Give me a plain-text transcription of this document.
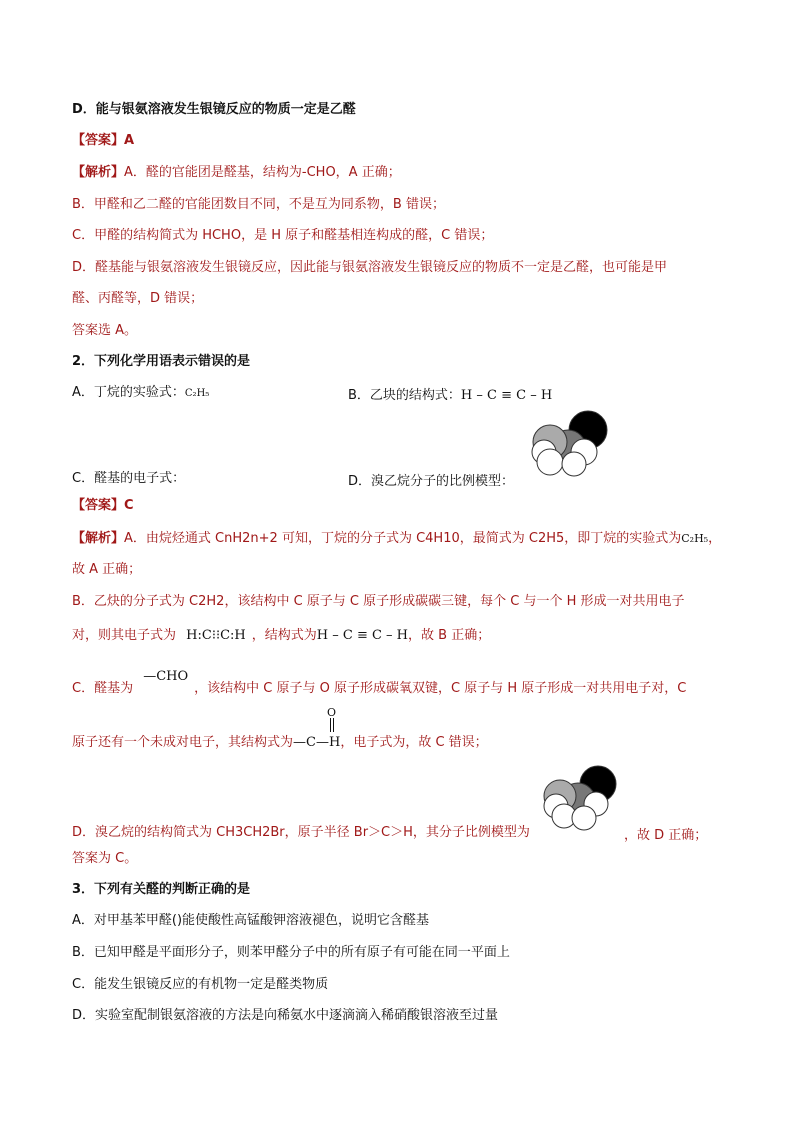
D．能与银氨溶液发生银镜反应的物质一定是乙醛
【答案】A
【解析】A．醛的官能团是醛基，结构为-CHO，A 正确；
B．甲醛和乙二醛的官能团数目不同，不是互为同系物，B 错误；
C．甲醛的结构简式为 HCHO，是 H 原子和醛基相连构成的醛，C 错误；
D．醛基能与银氨溶液发生银镜反应，因此能与银氨溶液发生银镜反应的物质不一定是乙醛，也可能是甲
醛、丙醛等，D 错误；
答案选 A。
2．下列化学用语表示错误的是
A．丁烷的实验式：C₂H₅	B．乙块的结构式：H – C ≡ C – H
C．醛基的电子式：	D．溴乙烷分子的比例模型：
【答案】C
【解析】A．由烷烃通式 CnH2n+2 可知，丁烷的分子式为 C4H10，最简式为 C2H5，即丁烷的实验式为C₂H₅，
故 A 正确；
B．乙炔的分子式为 C2H2，该结构中 C 原子与 C 原子形成碳碳三键，每个 C 与一个 H 形成一对共用电子
对，则其电子式为 H:C⁝⁝C:H ，结构式为H – C ≡ C – H，故 B 正确；
C．醛基为 —CHO，该结构中 C 原子与 O 原子形成碳氧双键，C 原子与 H 原子形成一对共用电子对，C
O
原子还有一个未成对电子，其结构式为—C—H，电子式为，故 C 错误；
D．溴乙烷的结构简式为 CH3CH2Br，原子半径 Br＞C＞H，其分子比例模型为	，故 D 正确；
答案为 C。
3．下列有关醛的判断正确的是
A．对甲基苯甲醛()能使酸性高锰酸钾溶液褪色，说明它含醛基
B．已知甲醛是平面形分子，则苯甲醛分子中的所有原子有可能在同一平面上
C．能发生银镜反应的有机物一定是醛类物质
D．实验室配制银氨溶液的方法是向稀氨水中逐滴滴入稀硝酸银溶液至过量
